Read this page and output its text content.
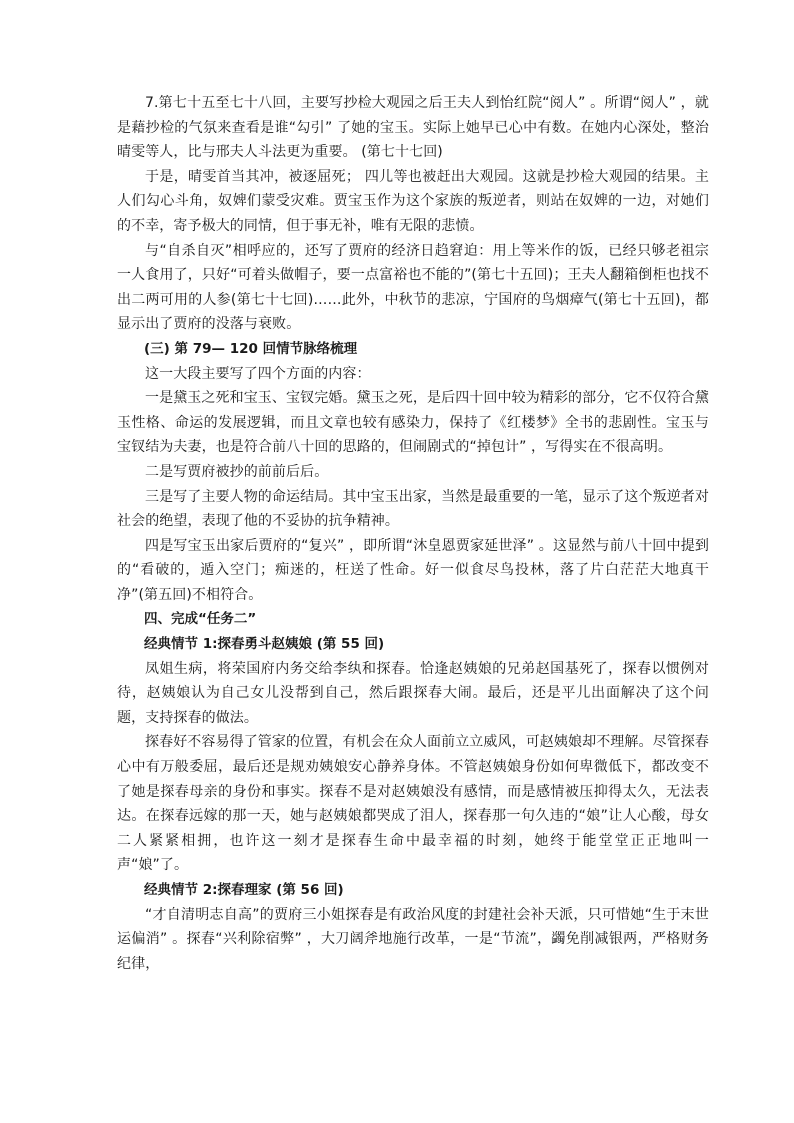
7.第七十五至七十八回，主要写抄检大观园之后王夫人到怡红院“阅人” 。所谓“阅人” ，就是藉抄检的气氛来查看是谁“勾引” 了她的宝玉。实际上她早已心中有数。在她内心深处，整治晴雯等人，比与邢夫人斗法更为重要。 (第七十七回)

于是，晴雯首当其冲，被逐屈死； 四儿等也被赶出大观园。这就是抄检大观园的结果。主人们勾心斗角，奴婢们蒙受灾难。贾宝玉作为这个家族的叛逆者，则站在奴婢的一边，对她们的不幸，寄予极大的同情，但于事无补，唯有无限的悲愤。

与“自杀自灭”相呼应的，还写了贾府的经济日趋窘迫：用上等米作的饭，已经只够老祖宗一人食用了，只好“可着头做帽子，要一点富裕也不能的”(第七十五回)；王夫人翻箱倒柜也找不出二两可用的人参(第七十七回)……此外，中秋节的悲凉，宁国府的鸟烟瘴气(第七十五回)，都显示出了贾府的没落与衰败。

(三) 第 79— 120 回情节脉络梳理

这一大段主要写了四个方面的内容：

一是黛玉之死和宝玉、宝钗完婚。黛玉之死，是后四十回中较为精彩的部分，它不仅符合黛玉性格、命运的发展逻辑，而且文章也较有感染力，保持了《红楼梦》全书的悲剧性。宝玉与宝钗结为夫妻，也是符合前八十回的思路的，但闹剧式的“掉包计” ，写得实在不很高明。

二是写贾府被抄的前前后后。

三是写了主要人物的命运结局。其中宝玉出家，当然是最重要的一笔，显示了这个叛逆者对社会的绝望，表现了他的不妥协的抗争精神。

四是写宝玉出家后贾府的“复兴” ，即所谓“沐皇恩贾家延世泽” 。这显然与前八十回中提到的“看破的，遁入空门；痴迷的，枉送了性命。好一似食尽鸟投林，落了片白茫茫大地真干净”(第五回)不相符合。

四、完成“任务二”

经典情节 1:探春勇斗赵姨娘 (第 55 回)

凤姐生病，将荣国府内务交给李纨和探春。恰逢赵姨娘的兄弟赵国基死了，探春以惯例对待，赵姨娘认为自己女儿没帮到自己，然后跟探春大闹。最后，还是平儿出面解决了这个问题，支持探春的做法。

探春好不容易得了管家的位置，有机会在众人面前立立威风，可赵姨娘却不理解。尽管探春心中有万般委屈，最后还是规劝姨娘安心静养身体。不管赵姨娘身份如何卑微低下，都改变不了她是探春母亲的身份和事实。探春不是对赵姨娘没有感情，而是感情被压抑得太久，无法表达。在探春远嫁的那一天，她与赵姨娘都哭成了泪人，探春那一句久违的“娘”让人心酸，母女二人紧紧相拥，也许这一刻才是探春生命中最幸福的时刻，她终于能堂堂正正地叫一声“娘”了。

经典情节 2:探春理家 (第 56 回)

“才自清明志自高”的贾府三小姐探春是有政治风度的封建社会补天派，只可惜她“生于末世运偏消” 。探春“兴利除宿弊” ，大刀阔斧地施行改革，一是“节流”，蠲免削减银两，严格财务纪律，
